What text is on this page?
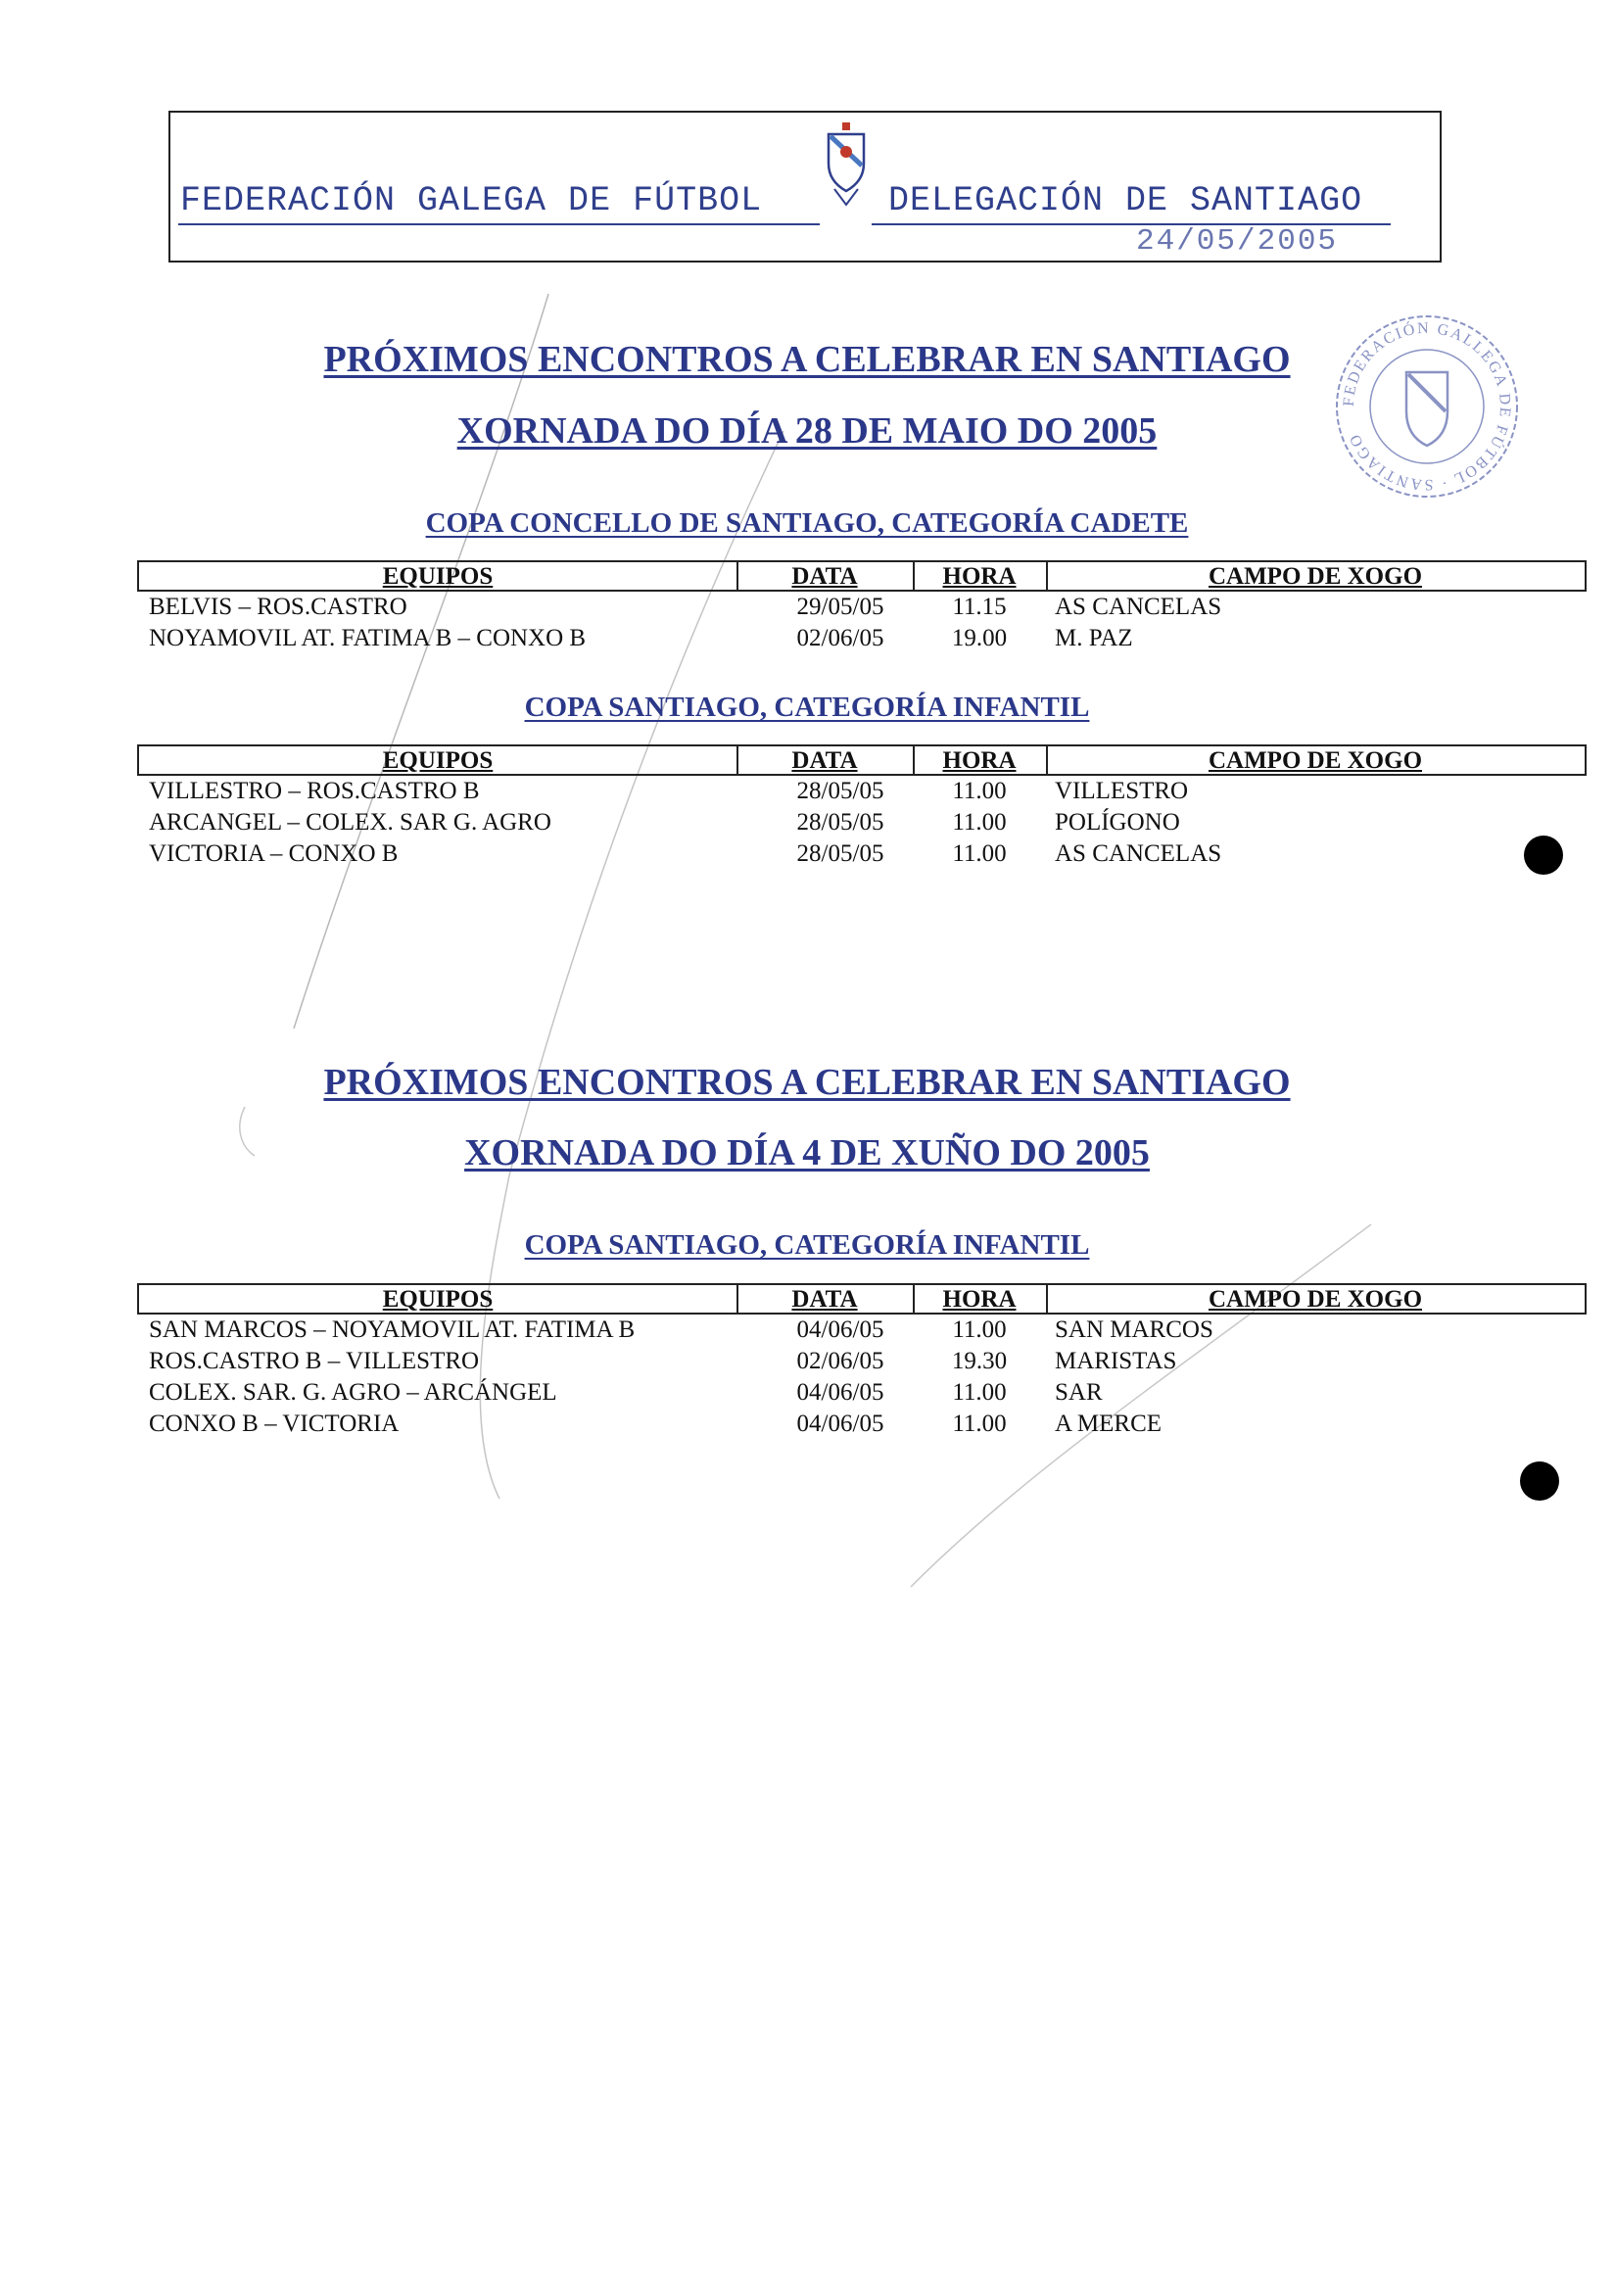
FEDERACIÓN GALEGA DE FÚTBOL	DELEGACIÓN DE SANTIAGO
24/05/2005
FEDERACIÓN GALLEGA DE FÚTBOL · SANTIAGO
PRÓXIMOS ENCONTROS A CELEBRAR EN SANTIAGO
XORNADA DO DÍA 28 DE MAIO DO 2005
COPA CONCELLO DE SANTIAGO, CATEGORÍA CADETE
EQUIPOS	DATA	HORA	CAMPO DE XOGO
BELVIS – ROS.CASTRO	29/05/05	11.15	AS CANCELAS
NOYAMOVIL AT. FATIMA B – CONXO B	02/06/05	19.00	M. PAZ
COPA SANTIAGO, CATEGORÍA INFANTIL
EQUIPOS	DATA	HORA	CAMPO DE XOGO
VILLESTRO – ROS.CASTRO B	28/05/05	11.00	VILLESTRO
ARCANGEL – COLEX. SAR G. AGRO	28/05/05	11.00	POLÍGONO
VICTORIA – CONXO B	28/05/05	11.00	AS CANCELAS
PRÓXIMOS ENCONTROS A CELEBRAR EN SANTIAGO
XORNADA DO DÍA 4 DE XUÑO DO 2005
COPA SANTIAGO, CATEGORÍA INFANTIL
EQUIPOS	DATA	HORA	CAMPO DE XOGO
SAN MARCOS – NOYAMOVIL AT. FATIMA B	04/06/05	11.00	SAN MARCOS
ROS.CASTRO B – VILLESTRO	02/06/05	19.30	MARISTAS
COLEX. SAR. G. AGRO – ARCÁNGEL	04/06/05	11.00	SAR
CONXO B – VICTORIA	04/06/05	11.00	A MERCE
